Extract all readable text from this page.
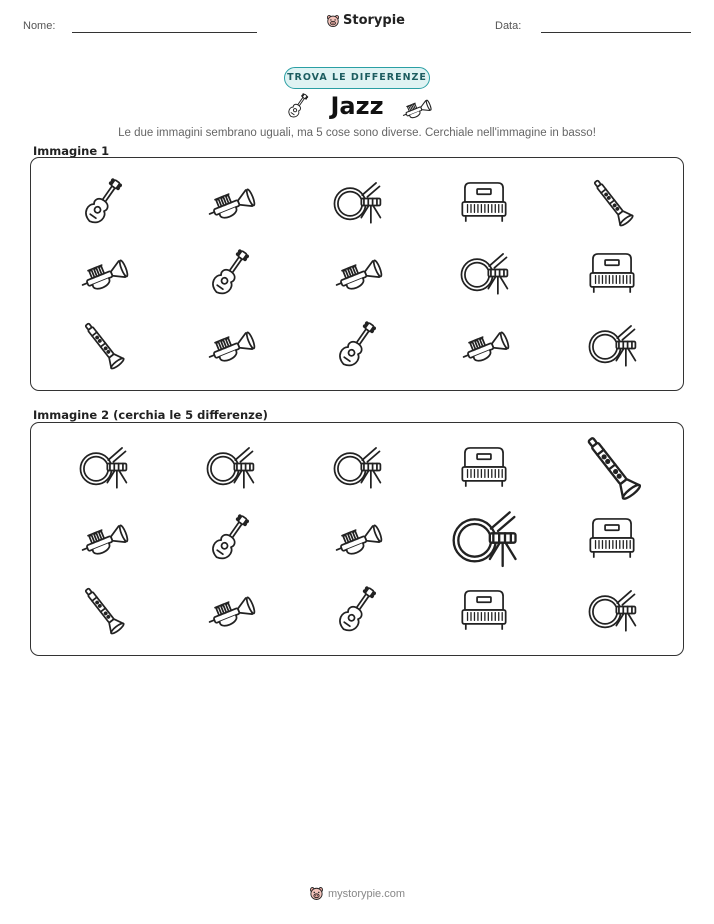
Nome:	Storypie	Data:
TROVA LE DIFFERENZE
Jazz
Le due immagini sembrano uguali, ma 5 cose sono diverse. Cerchiale nell'immagine in basso!
Immagine 1
Immagine 2 (cerchia le 5 differenze)
mystorypie.com
